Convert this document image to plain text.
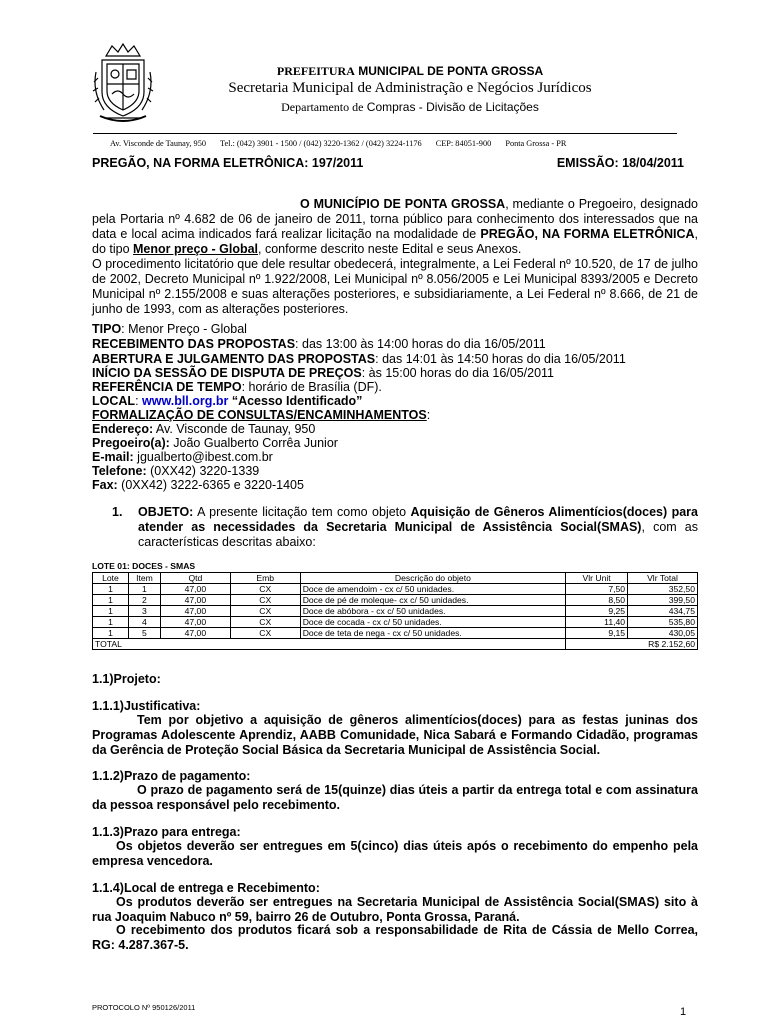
PREFEITURA MUNICIPAL DE PONTA GROSSA
Secretaria Municipal de Administração e Negócios Jurídicos
Departamento de Compras - Divisão de Licitações
Av. Visconde de Taunay, 950 Tel.: (042) 3901 - 1500 / (042) 3220-1362 / (042) 3224-1176 CEP: 84051-900 Ponta Grossa - PR
PREGÃO, NA FORMA ELETRÔNICA: 197/2011	EMISSÃO: 18/04/2011
O MUNICÍPIO DE PONTA GROSSA, mediante o Pregoeiro, designado pela Portaria nº 4.682 de 06 de janeiro de 2011, torna público para conhecimento dos interessados que na data e local acima indicados fará realizar licitação na modalidade de PREGÃO, NA FORMA ELETRÔNICA, do tipo Menor preço - Global, conforme descrito neste Edital e seus Anexos.
O procedimento licitatório que dele resultar obedecerá, integralmente, a Lei Federal nº 10.520, de 17 de julho de 2002, Decreto Municipal nº 1.922/2008, Lei Municipal nº 8.056/2005 e Lei Municipal 8393/2005 e Decreto Municipal nº 2.155/2008 e suas alterações posteriores, e subsidiariamente, a Lei Federal nº 8.666, de 21 de junho de 1993, com as alterações posteriores.
TIPO: Menor Preço - Global
RECEBIMENTO DAS PROPOSTAS: das 13:00 às 14:00 horas do dia 16/05/2011
ABERTURA E JULGAMENTO DAS PROPOSTAS: das 14:01 às 14:50 horas do dia 16/05/2011
INÍCIO DA SESSÃO DE DISPUTA DE PREÇOS: às 15:00 horas do dia 16/05/2011
REFERÊNCIA DE TEMPO: horário de Brasília (DF).
LOCAL: www.bll.org.br “Acesso Identificado”
FORMALIZAÇÃO DE CONSULTAS/ENCAMINHAMENTOS:
Endereço: Av. Visconde de Taunay, 950
Pregoeiro(a): João Gualberto Corrêa Junior
E-mail: jgualberto@ibest.com.br
Telefone: (0XX42) 3220-1339
Fax: (0XX42) 3222-6365 e 3220-1405
1. OBJETO: A presente licitação tem como objeto Aquisição de Gêneros Alimentícios(doces) para atender as necessidades da Secretaria Municipal de Assistência Social(SMAS), com as características descritas abaixo:
LOTE 01: DOCES - SMAS
Lote	Item	Qtd	Emb	Descrição do objeto	Vlr Unit	Vlr Total
1	1	47,00	CX	Doce de amendoim - cx c/ 50 unidades.	7,50	352,50
1	2	47,00	CX	Doce de pé de moleque- cx c/ 50 unidades.	8,50	399,50
1	3	47,00	CX	Doce de abóbora - cx c/ 50 unidades.	9,25	434,75
1	4	47,00	CX	Doce de cocada - cx c/ 50 unidades.	11,40	535,80
1	5	47,00	CX	Doce de teta de nega - cx c/ 50 unidades.	9,15	430,05
TOTAL					R$ 2.152,60	
1.1)Projeto:
1.1.1)Justificativa:
Tem por objetivo a aquisição de gêneros alimentícios(doces) para as festas juninas dos Programas Adolescente Aprendiz, AABB Comunidade, Nica Sabará e Formando Cidadão, programas da Gerência de Proteção Social Básica da Secretaria Municipal de Assistência Social.
1.1.2)Prazo de pagamento:
O prazo de pagamento será de 15(quinze) dias úteis a partir da entrega total e com assinatura da pessoa responsável pelo recebimento.
1.1.3)Prazo para entrega:
Os objetos deverão ser entregues em 5(cinco) dias úteis após o recebimento do empenho pela empresa vencedora.
1.1.4)Local de entrega e Recebimento:
Os produtos deverão ser entregues na Secretaria Municipal de Assistência Social(SMAS) sito à rua Joaquim Nabuco nº 59, bairro 26 de Outubro, Ponta Grossa, Paraná.
O recebimento dos produtos ficará sob a responsabilidade de Rita de Cássia de Mello Correa, RG: 4.287.367-5.
PROTOCOLO Nº 950126/2011	1
